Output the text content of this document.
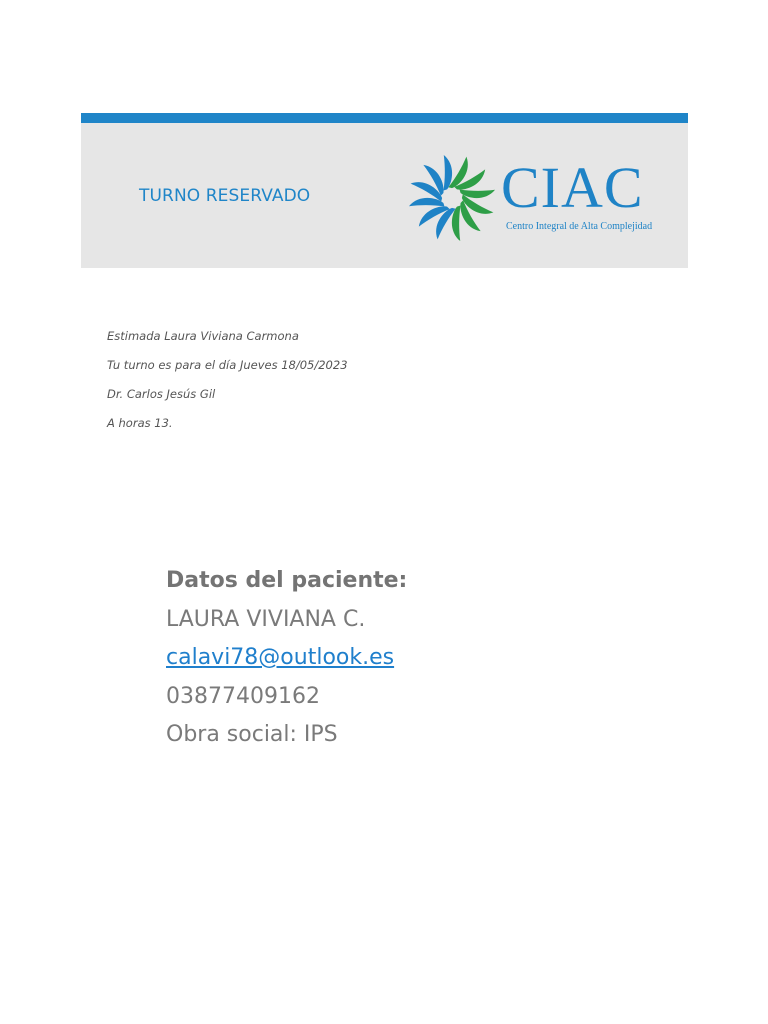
TURNO RESERVADO	CIAC
Centro Integral de Alta Complejidad
Estimada Laura Viviana Carmona
Tu turno es para el día Jueves 18/05/2023
Dr. Carlos Jesús Gil
A horas 13.
Datos del paciente:
LAURA VIVIANA C.
calavi78@outlook.es
03877409162
Obra social: IPS
